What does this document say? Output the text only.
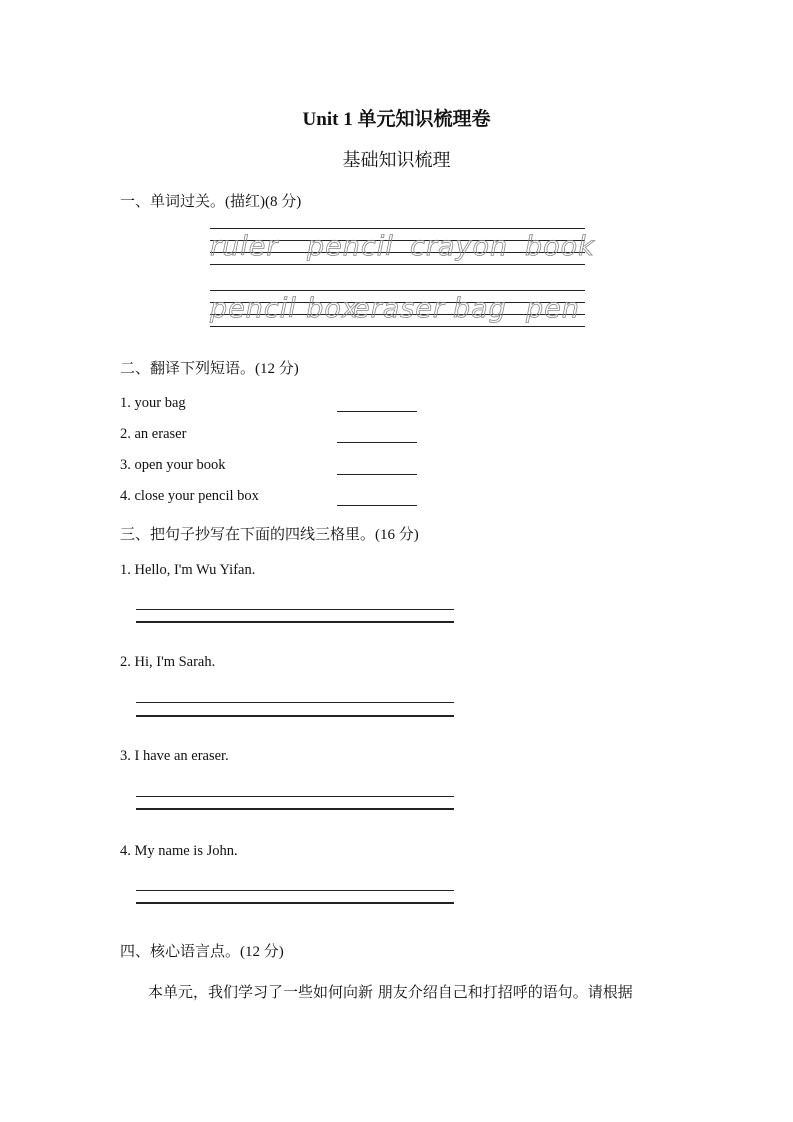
Unit 1 单元知识梳理卷
基础知识梳理
一、单词过关。(描红)(8 分)
ruler pencil crayon book
pencil box
eraser bag pen
二、翻译下列短语。(12 分)
1. your bag
2. an eraser
3. open your book
4. close your pencil box
三、把句子抄写在下面的四线三格里。(16 分)
1. Hello, I'm Wu Yifan.
2. Hi, I'm Sarah.
3. I have an eraser.
4. My name is John.
四、核心语言点。(12 分)
本单元，我们学习了一些如何向新 朋友介绍自己和打招呼的语句。请根据
